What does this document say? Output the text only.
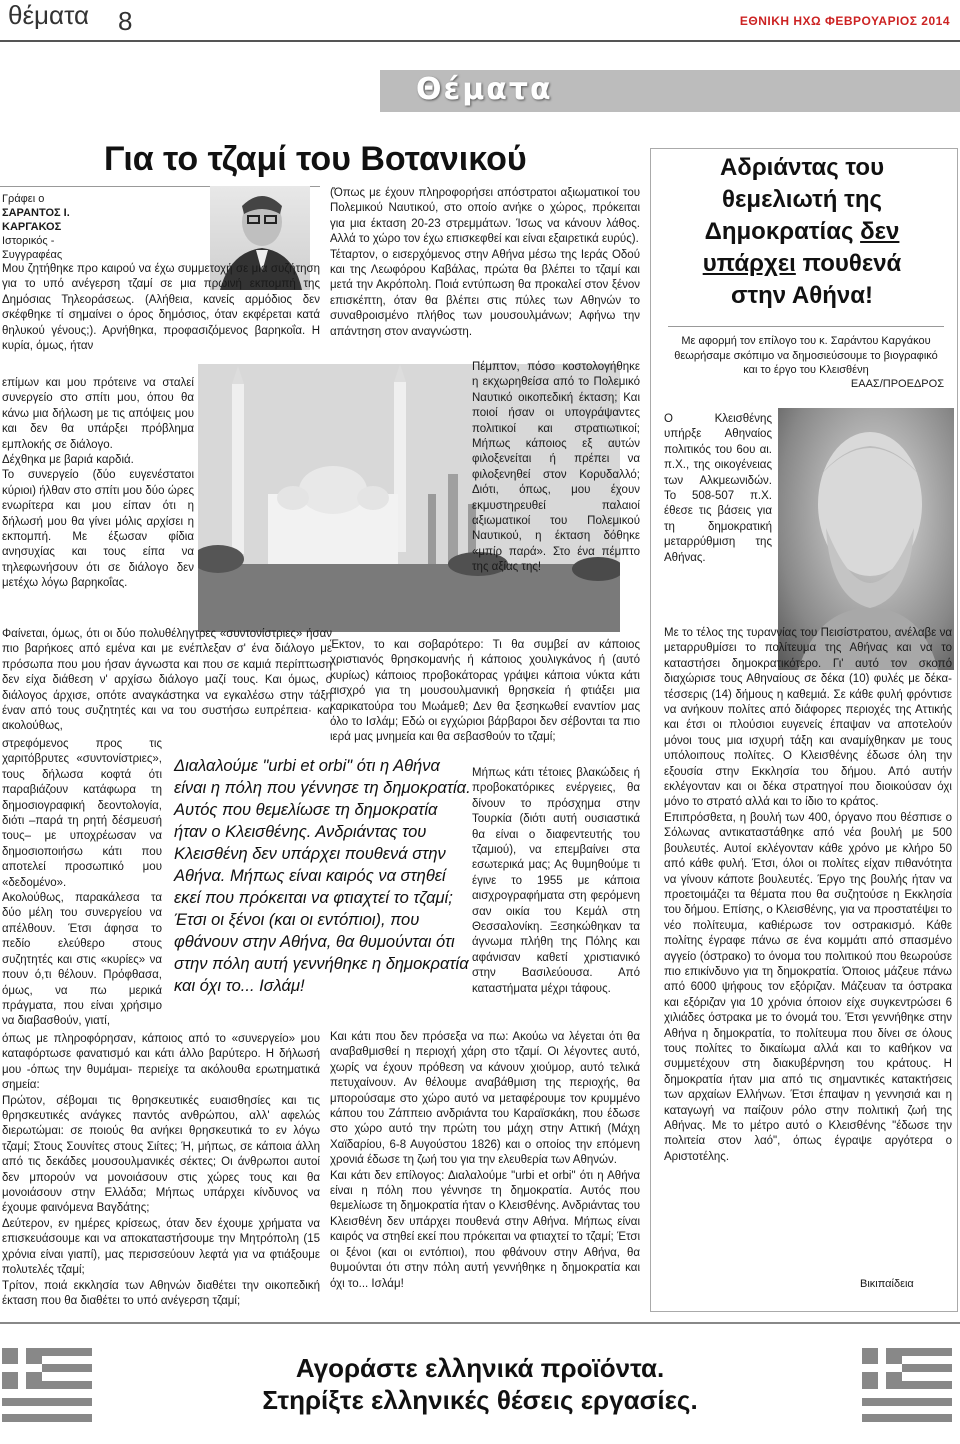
θέματα 8	ΕΘΝΙΚΗ ΗΧΩ ΦΕΒΡΟΥΑΡΙΟΣ 2014
Θέματα
Για το τζαμί του Βοτανικού
Γράφει ο
ΣΑΡΑΝΤΟΣ Ι. ΚΑΡΓΑΚΟΣ
Ιστορικός - Συγγραφέας

Μου ζητήθηκε προ καιρού να έχω συμμετοχή σε μια συζήτηση για το υπό ανέγερση τζαμί σε μια πρωινή εκπομπή της Δημόσιας Τηλεοράσεως. (Αλήθεια, κανείς αρμόδιος δεν σκέφθηκε τί σημαίνει ο όρος δημόσιος, όταν εκφέρεται κατά θηλυκού γένους;). Αρνήθηκα, προφασιζόμενος βαρηκοΐα. Η κυρία, όμως, ήταν

επίμων και μου πρότεινε να σταλεί συνεργείο στο σπίτι μου, όπου θα κάνω μια δήλωση με τις απόψεις μου και δεν θα υπάρξει πρόβλημα εμπλοκής σε διάλογο.

Δέχθηκα με βαριά καρδιά.

Το συνεργείο (δύο ευγενέστατοι κύριοι) ήλθαν στο σπίτι μου δύο ώρες ενωρίτερα και μου είπαν ότι η δήλωσή μου θα γίνει μόλις αρχίσει η εκπομπή. Με έξωσαν φίδια ανησυχίας και τους είπα να τηλεφωνήσουν ότι σε διάλογο δεν μετέχω λόγω βαρηκοΐας.

Φαίνεται, όμως, ότι οι δύο πολυθέληγτρες «συντονίστριες» ήσαν πιο βαρήκοες από εμένα και με ενέπλεξαν σ' ένα διάλογο με πρόσωπα που μου ήσαν άγνωστα και που σε καμιά περίπτωση δεν είχα διάθεση ν' αρχίσω διάλογο μαζί τους. Και όμως, ο διάλογος άρχισε, οπότε αναγκάστηκα να εγκαλέσω στην τάξη έναν από τους συζητητές και να του συστήσω ευπρέπεια· και ακολούθως,

στρεφόμενος προς τις χαριτόβρυτες «συντονίστριες», τους δήλωσα κοφτά ότι παραβιάζουν κατάφωρα τη δημοσιογραφική δεοντολογία, διότι –παρά τη ρητή δέσμευσή τους– με υποχρέωσαν να δημοσιοποιήσω κάτι που αποτελεί προσωπικό μου «δεδομένο».

Ακολούθως, παρακάλεσα τα δύο μέλη του συνεργείου να απέλθουν. Έτσι άφησα το πεδίο ελεύθερο στους συζητητές και στις «κυρίες» να πουν ό,τι θέλουν. Πρόφθασα, όμως, να πω μερικά πράγματα, που είναι χρήσιμο να διαβασθούν, γιατί,

Διαλαλούμε "urbi et orbi" ότι η Αθήνα είναι η πόλη που γέννησε τη δημοκρατία. Αυτός που θεμελίωσε τη δημοκρατία ήταν ο Κλεισθένης. Ανδριάντας του Κλεισθένη δεν υπάρχει πουθενά στην Αθήνα. Μήπως είναι καιρός να στηθεί εκεί που πρόκειται να φτιαχτεί το τζαμί; Έτσι οι ξένοι (και οι εντόπιοι), που φθάνουν στην Αθήνα, θα θυμούνται ότι στην πόλη αυτή γεννήθηκε η δημοκρατία και όχι το... Ισλάμ!

όπως με πληροφόρησαν, κάποιος από το «συνεργείο» μου καταφόρτωσε φανατισμό και κάτι άλλο βαρύτερο. Η δήλωσή μου -όπως την θυμάμαι- περιείχε τα ακόλουθα ερωτηματικά σημεία:

Πρώτον, σέβομαι τις θρησκευτικές ευαισθησίες και τις θρησκευτικές ανάγκες παντός ανθρώπου, αλλ' αφελώς διερωτώμαι: σε ποιούς θα ανήκει θρησκευτικά το εν λόγω τζαμί; Στους Σουνίτες στους Σιίτες; Ή, μήπως, σε κάποια άλλη από τις δεκάδες μουσουλμανικές σέκτες; Οι άνθρωποι αυτοί δεν μπορούν να μονοιάσουν στις χώρες τους και θα μονοιάσουν στην Ελλάδα; Μήπως υπάρχει κίνδυνος να έχουμε φαινόμενα Βαγδάτης;

Δεύτερον, εν ημέρες κρίσεως, όταν δεν έχουμε χρήματα να επισκευάσουμε και να αποκαταστήσουμε την Μητρόπολη (15 χρόνια είναι γιαπί), μας περισσεύουν λεφτά για να φτιάξουμε πολυτελές τζαμί;

Τρίτον, ποιά εκκλησία των Αθηνών διαθέτει την οικοπεδική έκταση που θα διαθέτει το υπό ανέγερση τζαμί;

(Όπως με έχουν πληροφορήσει απόστρατοι αξιωματικοί του Πολεμικού Ναυτικού, στο οποίο ανήκε ο χώρος, πρόκειται για μια έκταση 20-23 στρεμμάτων. Ίσως να κάνουν λάθος. Αλλά το χώρο τον έχω επισκεφθεί και είναι εξαιρετικά ευρύς).

Τέταρτον, ο εισερχόμενος στην Αθήνα μέσω της Ιεράς Οδού και της Λεωφόρου Καβάλας, πρώτα θα βλέπει το τζαμί και μετά την Ακρόπολη. Ποιά εντύπωση θα προκαλεί στον ξένον επισκέπτη, όταν θα βλέπει στις πύλες των Αθηνών το συναθροισμένο πλήθος των μουσουλμάνων; Αφήνω την απάντηση στον αναγνώστη.

Πέμπτον, πόσο κοστολογήθηκε η εκχωρηθείσα από το Πολεμικό Ναυτικό οικοπεδική έκταση; Και ποιοί ήσαν οι υπογράψαντες πολιτικοί και στρατιωτικοί; Μήπως κάποιος εξ αυτών φιλοξενείται ή πρέπει να φιλοξενηθεί στον Κορυδαλλό; Διότι, όπως, μου έχουν εκμυστηρευθεί παλαιοί αξιωματικοί του Πολεμικού Ναυτικού, η έκταση δόθηκε «μπίρ παρά». Στο ένα πέμπτο της αξίας της!

Έκτον, το και σοβαρότερο: Τι θα συμβεί αν κάποιος χριστιανός θρησκομανής ή κάποιος χουλιγκάνος ή (αυτό κυρίως) κάποιος προβοκάτορας γράψει κάποια νύκτα κάτι αισχρό για τη μουσουλμανική θρησκεία ή φτιάξει μια καρικατούρα του Μωάμεθ; Δεν θα ξεσηκωθεί εναντίον μας όλο το Ισλάμ; Εδώ οι εγχώριοι βάρβαροι δεν σέβονται τα πιο ιερά μας μνημεία και θα σεβασθούν το τζαμί;

Μήπως κάτι τέτοιες βλακώδεις ή προβοκατόρικες ενέργειες, θα δίνουν το πρόσχημα στην Τουρκία (διότι αυτή ουσιαστικά θα είναι ο διαφεντευτής του τζαμιού), να επεμβαίνει στα εσωτερικά μας; Ας θυμηθούμε τι έγινε το 1955 με κάποια αισχρογραφήματα στη φερόμενη σαν οικία του Κεμάλ στη Θεσσαλονίκη. Ξεσηκώθηκαν τα άγνωμα πλήθη της Πόλης και αφάνισαν καθετί χριστιανικό στην Βασιλεύουσα. Από καταστήματα μέχρι τάφους.

Και κάτι που δεν πρόσεξα να πω: Ακούω να λέγεται ότι θα αναβαθμισθεί η περιοχή χάρη στο τζαμί. Οι λέγοντες αυτό, χωρίς να έχουν πρόθεση να κάνουν χιούμορ, αυτό τελικά πετυχαίνουν. Αν θέλουμε αναβάθμιση της περιοχής, θα μπορούσαμε στο χώρο αυτό να μεταφέρουμε τον κρυμμένο κάπου του Ζάππειο ανδριάντα του Καραϊσκάκη, που έδωσε στο χώρο αυτό την πρώτη του μάχη στην Αττική (Μάχη Χαϊδαρίου, 6-8 Αυγούστου 1826) και ο οποίος την επόμενη χρονιά έδωσε τη ζωή του για την ελευθερία των Αθηνών.

Και κάτι δεν επίλογος: Διαλαλούμε "urbi et orbi" ότι η Αθήνα είναι η πόλη που γέννησε τη δημοκρατία. Αυτός που θεμελίωσε τη δημοκρατία ήταν ο Κλεισθένης. Ανδριάντας του Κλεισθένη δεν υπάρχει πουθενά στην Αθήνα. Μήπως είναι καιρός να στηθεί εκεί που πρόκειται να φτιαχτεί το τζαμί; Έτσι οι ξένοι (και οι εντόπιοι), που φθάνουν στην Αθήνα, θα θυμούνται ότι στην πόλη αυτή γεννήθηκε η δημοκρατία και όχι το... Ισλάμ!

Αδριάντας του
θεμελιωτή της
Δημοκρατίας δεν
υπάρχει πουθενά
στην Αθήνα!
Με αφορμή τον επίλογο του κ. Σαράντου Καργάκου θεωρήσαμε σκόπιμο να δημοσιεύσουμε το βιογραφικό και το έργο του Κλεισθένη
ΕΑΑΣ/ΠΡΟΕΔΡΟΣ

Ο Κλεισθένης υπήρξε Αθηναίος πολιτικός του 6ου αι. π.Χ., της οικογένειας των Αλκμεωνιδών. Το 508-507 π.Χ. έθεσε τις βάσεις για τη δημοκρατική μεταρρύθμιση της Αθήνας.

Με το τέλος της τυραννίας του Πεισίστρατου, ανέλαβε να μεταρρυθμίσει το πολίτευμα της Αθήνας και να το καταστήσει δημοκρατικότερο. Γι' αυτό τον σκοπό διαχώρισε τους Αθηναίους σε δέκα (10) φυλές με δέκα-τέσσερις (14) δήμους η καθεμιά. Σε κάθε φυλή φρόντισε να ανήκουν πολίτες από διάφορες περιοχές της Αττικής και έτσι οι πλούσιοι ευγενείς έπαψαν να αποτελούν μόνοι τους μια ισχυρή τάξη και αναμίχθηκαν με τους υπόλοιπους πολίτες. Ο Κλεισθένης έδωσε όλη την εξουσία στην Εκκλησία του δήμου. Από αυτήν εκλέγονταν και οι δέκα στρατηγοί που διοικούσαν όχι μόνο το στρατό αλλά και το ίδιο το κράτος.

Επιπρόσθετα, η βουλή των 400, όργανο που θέσπισε ο Σόλωνας αντικαταστάθηκε από νέα βουλή με 500 βουλευτές. Αυτοί εκλέγονταν κάθε χρόνο με κλήρο 50 από κάθε φυλή. Έτσι, όλοι οι πολίτες είχαν πιθανότητα να γίνουν κάποτε βουλευτές. Έργο της βουλής ήταν να προετοιμάζει τα θέματα που θα συζητούσε η Εκκλησία του δήμου. Επίσης, ο Κλεισθένης, για να προστατέψει το νέο πολίτευμα, καθιέρωσε τον οστρακισμό. Κάθε πολίτης έγραφε πάνω σε ένα κομμάτι από σπασμένο αγγείο (όστρακο) το όνομα του πολιτικού που θεωρούσε πιο επικίνδυνο για τη δημοκρατία. Όποιος μάζευε πάνω από 6000 ψήφους τον εξόριζαν. Μάζευαν τα όστρακα και εξόριζαν για 10 χρόνια όποιον είχε συγκεντρώσει 6 χιλιάδες όστρακα με το όνομά του. Έτσι γεννήθηκε στην Αθήνα η δημοκρατία, το πολίτευμα που δίνει σε όλους τους πολίτες το δικαίωμα αλλά και το καθήκον να συμμετέχουν στη διακυβέρνηση του κράτους. Η δημοκρατία ήταν μια από τις σημαντικές κατακτήσεις των αρχαίων Ελλήνων. Έτσι έπαψαν η γεννησιά και η καταγωγή να παίζουν ρόλο στην πολιτική ζωή της Αθήνας. Με το μέτρο αυτό ο Κλεισθένης "έδωσε την πολιτεία στον λαό", όπως έγραψε αργότερα ο Αριστοτέλης.

Βικιπαίδεια
Αγοράστε ελληνικά προϊόντα.
Στηρίξτε ελληνικές θέσεις εργασίες.
